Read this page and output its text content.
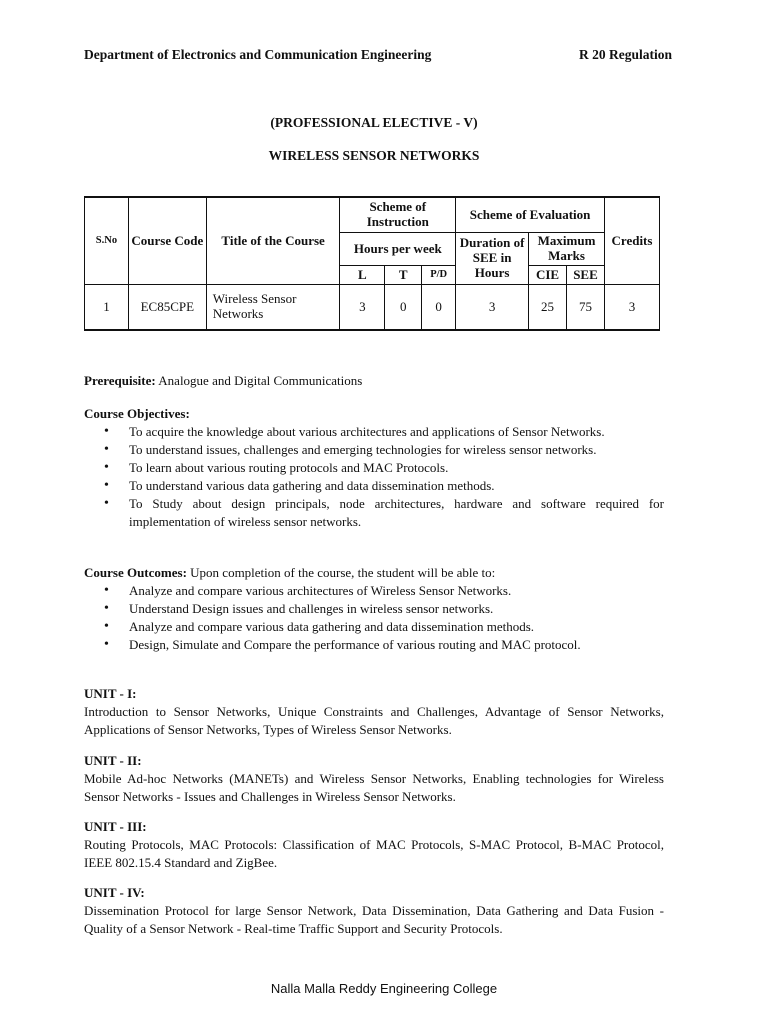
Department of Electronics and Communication Engineering	R 20 Regulation
(PROFESSIONAL ELECTIVE - V)
WIRELESS SENSOR NETWORKS
S.No	Course Code	Title of the Course	Scheme of Instruction			Scheme of Evaluation			Credits
			Hours per week			Duration of SEE in Hours	Maximum Marks		
			L	T	P/D		CIE	SEE	
1	EC85CPE	Wireless Sensor Networks	3	0	0	3	25	75	3
Prerequisite: Analogue and Digital Communications
Course Objectives:
• To acquire the knowledge about various architectures and applications of Sensor Networks.
• To understand issues, challenges and emerging technologies for wireless sensor networks.
• To learn about various routing protocols and MAC Protocols.
• To understand various data gathering and data dissemination methods.
• To Study about design principals, node architectures, hardware and software required for implementation of wireless sensor networks.
Course Outcomes: Upon completion of the course, the student will be able to:
• Analyze and compare various architectures of Wireless Sensor Networks.
• Understand Design issues and challenges in wireless sensor networks.
• Analyze and compare various data gathering and data dissemination methods.
• Design, Simulate and Compare the performance of various routing and MAC protocol.
UNIT - I:
Introduction to Sensor Networks, Unique Constraints and Challenges, Advantage of Sensor Networks, Applications of Sensor Networks, Types of Wireless Sensor Networks.
UNIT - II:
Mobile Ad-hoc Networks (MANETs) and Wireless Sensor Networks, Enabling technologies for Wireless Sensor Networks - Issues and Challenges in Wireless Sensor Networks.
UNIT - III:
Routing Protocols, MAC Protocols: Classification of MAC Protocols, S-MAC Protocol, B-MAC Protocol, IEEE 802.15.4 Standard and ZigBee.
UNIT - IV:
Dissemination Protocol for large Sensor Network, Data Dissemination, Data Gathering and Data Fusion - Quality of a Sensor Network - Real-time Traffic Support and Security Protocols.
Nalla Malla Reddy Engineering College
